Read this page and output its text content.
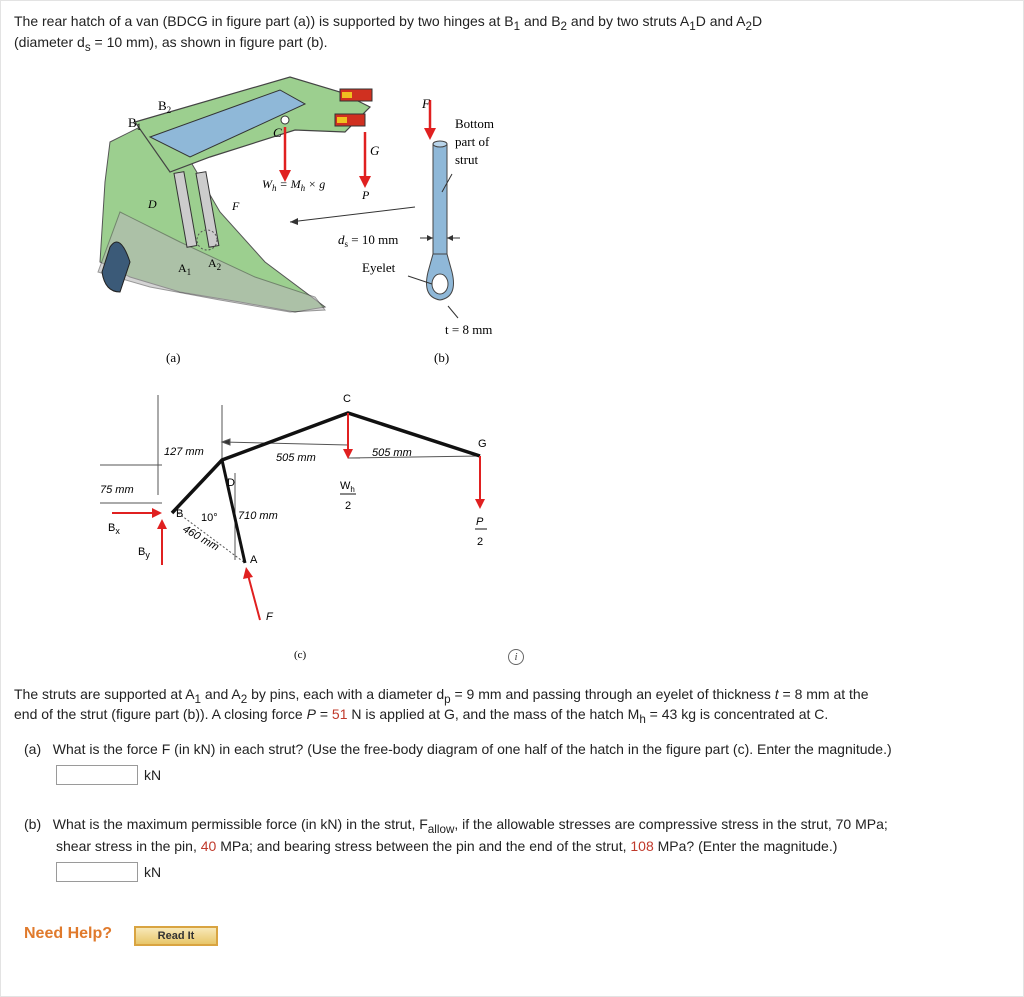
The rear hatch of a van (BDCG in figure part (a)) is supported by two hinges at $B_1$ and $B_2$ and by two struts $A_1D$ and $A_2D$

(diameter $d_s = 10$ mm), as shown in figure part (b).

$B_1$
$B_2$
C
G
D	F
$A_1$
$A_2$
$W_h = M_h \times g$
P
(a)
F
Bottom
part of
strut
$d_s = 10$ mm
Eyelet
t = 8 mm
(b)
127 mm
75 mm
505 mm	505 mm
710 mm
460 mm
10°
C
G
D
B
A
F
$B_x$
$B_y$
$W_h$
2
P
2
(c)	i

The struts are supported at $A_1$ and $A_2$ by pins, each with a diameter $d_p = 9$ mm and passing through an eyelet of thickness t = 8 mm at the

end of the strut (figure part (b)). A closing force P = 51 N is applied at G, and the mass of the hatch $M_h = 43$ kg is concentrated at C.

(a) What is the force F (in kN) in each strut? (Use the free-body diagram of one half of the hatch in the figure part (c). Enter the magnitude.)

kN

(b) What is the maximum permissible force (in kN) in the strut, $F_{allow}$, if the allowable stresses are compressive stress in the strut, 70 MPa;

shear stress in the pin, 40 MPa; and bearing stress between the pin and the end of the strut, 108 MPa? (Enter the magnitude.)

kN
Need Help?	Read It
